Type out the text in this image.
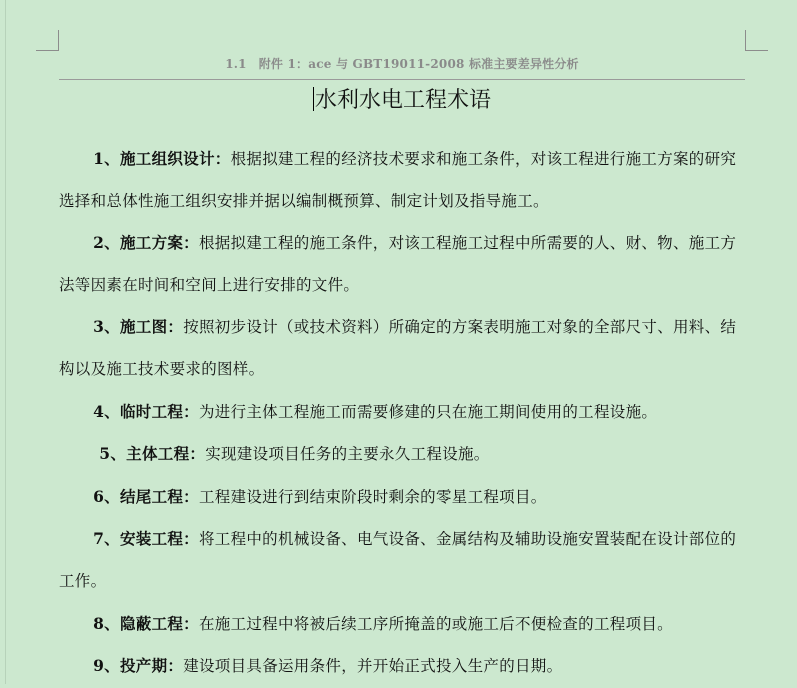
1.1 附件 1：ace 与 GBT19011-2008 标准主要差异性分析
水利水电工程术语

1、施工组织设计：根据拟建工程的经济技术要求和施工条件，对该工程进行施工方案的研究选择和总体性施工组织安排并据以编制概预算、制定计划及指导施工。

2、施工方案：根据拟建工程的施工条件，对该工程施工过程中所需要的人、财、物、施工方法等因素在时间和空间上进行安排的文件。

3、施工图：按照初步设计（或技术资料）所确定的方案表明施工对象的全部尺寸、用料、结构以及施工技术要求的图样。

4、临时工程：为进行主体工程施工而需要修建的只在施工期间使用的工程设施。

5、主体工程：实现建设项目任务的主要永久工程设施。

6、结尾工程：工程建设进行到结束阶段时剩余的零星工程项目。

7、安装工程：将工程中的机械设备、电气设备、金属结构及辅助设施安置装配在设计部位的工作。

8、隐蔽工程：在施工过程中将被后续工序所掩盖的或施工后不便检查的工程项目。

9、投产期：建设项目具备运用条件，并开始正式投入生产的日期。
